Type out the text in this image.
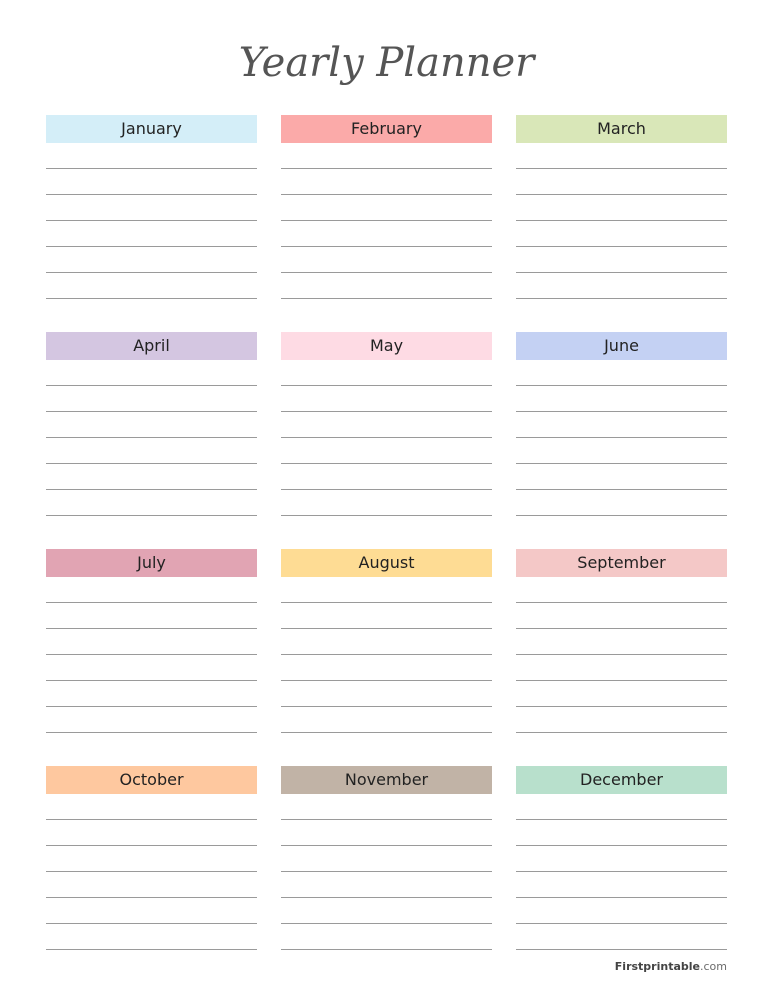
Yearly Planner
January	February	March
April	May	June
July	August	September
October	November	December
Firstprintable.com
